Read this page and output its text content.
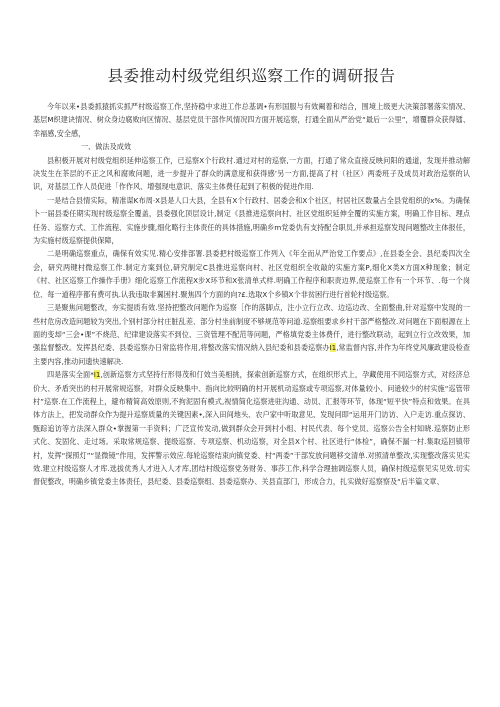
县委推动村级党组织巡察工作的调研报告

今年以来•县委抓猿抓实抓严村级巡察工作,坚持稳中求进工作总基调•有形国服与有效阉着和结合，围境上级更大决策部署落实情况、基层M织建诀情况、树众身边腐败向区情况、基层党员干部作风情况四方面开展巡察，打通全面从严治党“最后一公里”，增覆群众获得镭、幸福感,安全感，

一、做法及成效

县积极开展对村级党组织延伸巡察工作，已巡察X个行政村.通过对村的巡察,一方面，打通了常众直接反映问阳的通道，发现并推动解决发生在茶层的不正之风和腐败问题，进一步提升了群众的满意度和获得感’另一方面,提高了村（社区）两委班子及成员对政治巡察的认识，对基层工作人员促进「作作风、增强现电意识、落实主体费任起到了积极的促进作用.

一是结合县情实际，精准谋K布周·X县是人口大县，全县有X个行政村、居委会和X个社区，村居社区数量占全县党组织的x%。为确保卜一届县委任期实现村级巡察全覆盖，县委强化顶层设计,制定《县推进巡察向村、社区党组织延伸全覆的实施方案，明确工作目标、理点任务、巡察方式、工作流程、实施步骤,细化略行主体责任的具体措施,明确乡m党委仇有支持配合职员,并承担巡察发现问题整改主体报任，为实施村级巡察提供保障，

二是明确巡察重点，确保有效实见.精心安排部署.县委把村级巡察工作列入《年全而从严治党工作要点》,在县委全会、县纪委四次全会，研究两键村微巡察工作.制定方案到位,研究制定C县推进巡察向村、社区党组织全收敲的实施方案P,细化X类X方面X种现象；制定《村、社区巡察工作操作手册》细化巡察工作流程X步X环节和X张清单式样.明确工作程序和职责边界,使巡察工作有一个环节、.每一个岗位、每一道程序都有费可执.认我违取非翼困村.聚焦四个方面的向?£.选取X个乡镇X个非贫困行进行首轮村级巡察。

三是聚焦问题整改，夯实提质有效.坚持把整改问题作为巡察［作的落脚点，注小立行立改、边巡边改、全面整曲,针对巡察中发现的一些村危房改造问题较为突出,个别村部分村庄脏乱差、部分村坐前制度不够规范等问道.巡察组要求乡村干部严格整改.对问题在下面根源在上面的变却“三会•课”不烧范、纪律建设落实不到位、三资管理不配范等问题，严格填党委主体费仟，进行整改联动，起到立行立改效果，加强监督整改。发挥县纪委、县委巡察办日常监将作用,将整改落实情况纳入县纪委和县委巡察办I1,常监督内容,并作为年终党风廉政建设检查主要内容,推动问遗快速解决.

四是落实全面*I1,创新巡察方式坚持行形得茂和仃效当美相挑，探索创新巡察方式，在组织形式上，孕藏使用不同巡察方式，对经济总价大、矛盾突出的村开展常规巡察，对群众反映集中、指向比较明确的村开展机动巡察或专项巡察,对体量较小、问逊较少的村实施“巡管带村”巡察.在工作流程上，避布精简高效原则,不拘泥固有模式,视情简化巡察进驻沟通、动员、汇报等环节，体现“短平快”特点和效果。在具体方法上，把发动群众作为提升巡察质量的关键因素•,深入田间地头、农户家中听取意见、发现问即“运用开门访访、入户走访.重点探访、甄踪追访等方法深入群众•掌握第一手资料；广泛宣传发动,做到群众会开到村小组、村民代表、每个党员、巡察公告全村知晓.巡察防止形式化、发固化、走过场。采取常规巡察、提级巡察、专项巡察、机动巡察，对全县X个村、社区进行“体检”，确保不漏一村.集取巡回镇带村，发挥“探照灯”“显微镜”作用，发挥警示效应.每轮巡察结束向镇党委、村“两委”干部发放问题移交清单.对照清单整改,实现整改落实见实效.建立村级巡察人才库.选拔优秀人才进入人才库,团结村级巡察党务财务、事莎工作,科学合理抽调巡察人员，确保村级巡察见实见效.切实督促整改，明确乡镇党委主体责任，县纪委、县委巡察组、县委巡察办、关县直部门，形成合力，扎实做好巡察察及“后半篇文章、
